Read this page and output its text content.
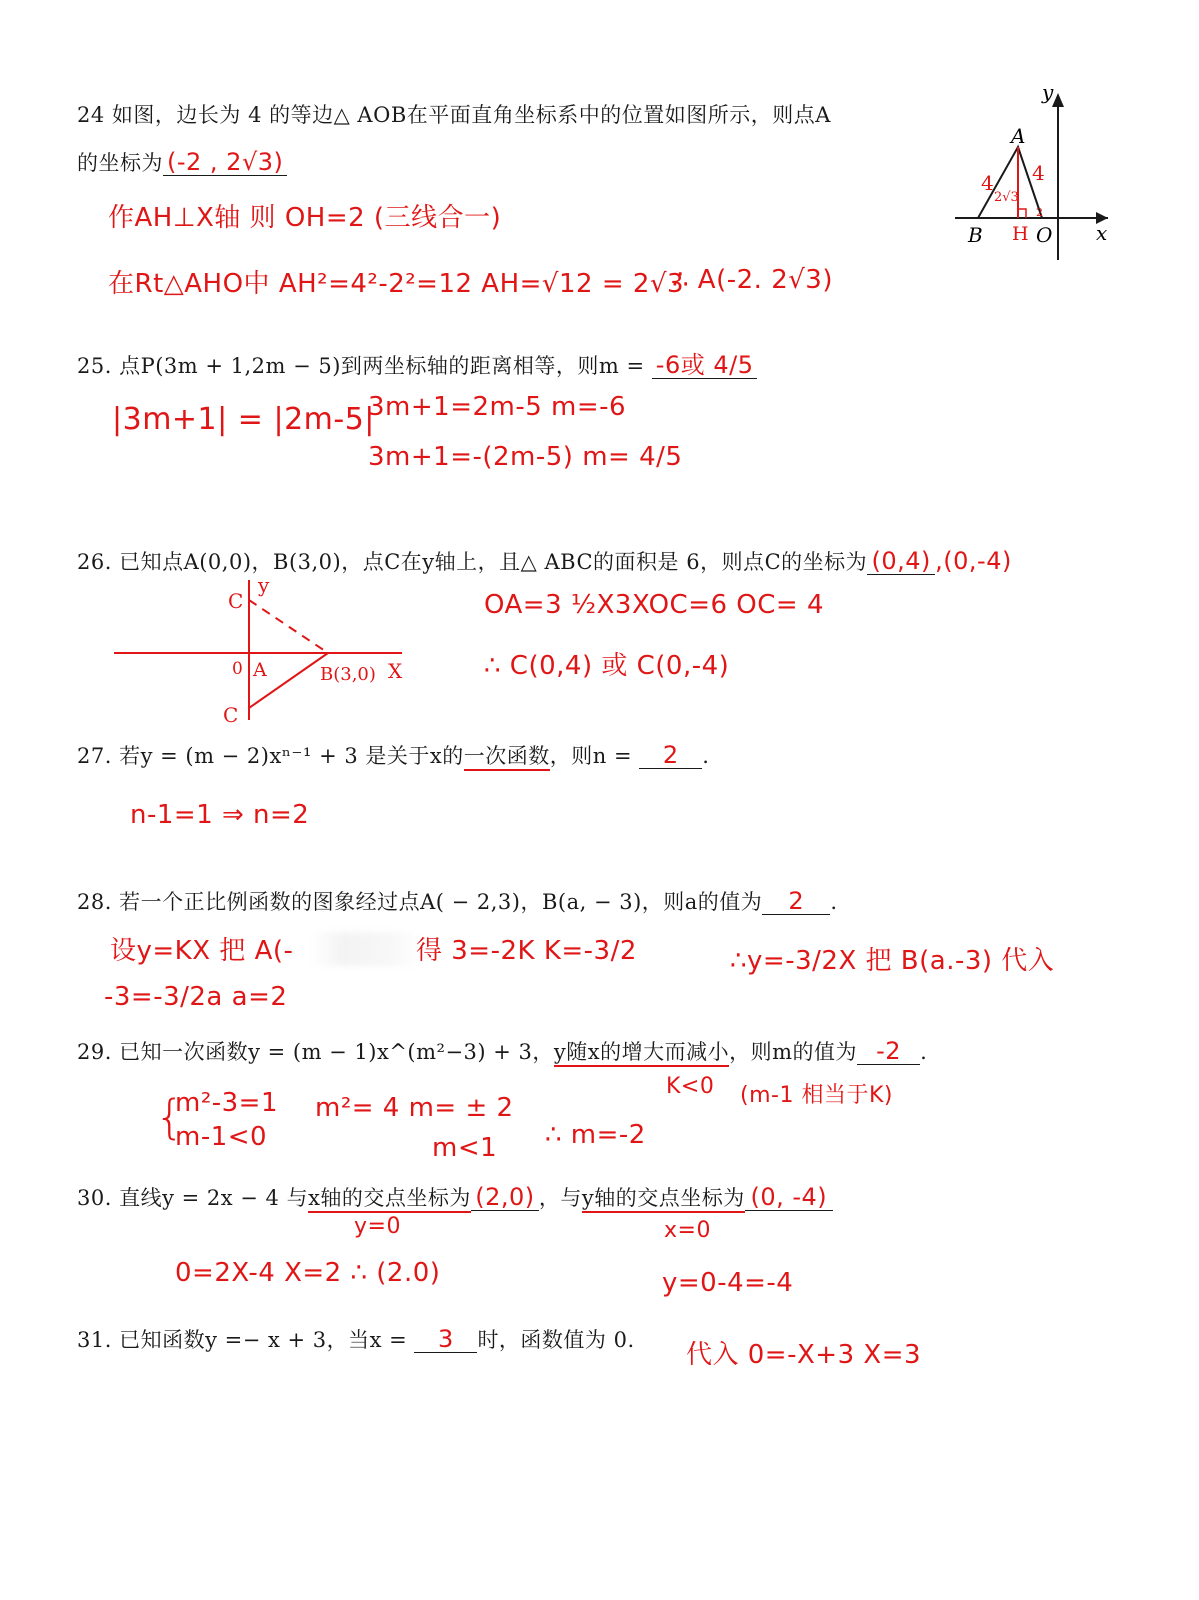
24 如图，边长为 4 的等边△ AOB在平面直角坐标系中的位置如图所示，则点A
的坐标为 (-2 , 2√3)
作AH⊥X轴 则 OH=2 (三线合一)
在Rt△AHO中 AH²=4²-2²=12 AH=√12 = 2√3
∴ A(-2. 2√3)
y
x
A
B	O
H
4 4
2√3
2
25. 点P(3m + 1,2m − 5)到两坐标轴的距离相等，则m = -6或 4/5
|3m+1| = |2m-5|
3m+1=2m-5 m=-6
3m+1=-(2m-5) m= 4/5
26. 已知点A(0,0)，B(3,0)，点C在y轴上，且△ ABC的面积是 6，则点C的坐标为 (0,4) ,(0,-4)
OA=3 ½X3XOC=6 OC= 4
∴ C(0,4) 或 C(0,-4)
C
y
0 A	B(3,0) X
C
27. 若y = (m − 2)xⁿ⁻¹ + 3 是关于x的一次函数，则n = 2 .
n-1=1 ⇒ n=2
28. 若一个正比例函数的图象经过点A( − 2,3)，B(a, − 3)，则a的值为 2 .
设y=KX 把 A(-	得 3=-2K K=-3/2	∴y=-3/2X 把 B(a.-3) 代入
-3=-3/2a a=2
29. 已知一次函数y = (m − 1)x^(m²−3) + 3，y随x的增大而减小，则m的值为 -2 .
K<0 (m-1 相当于K)
{
m²-3=1
m-1<0
m²= 4 m= ± 2
m<1 ∴ m=-2
30. 直线y = 2x − 4 与x轴的交点坐标为 (2,0) ，与y轴的交点坐标为 (0, -4)
y=0	x=0
0=2X-4 X=2 ∴ (2.0)	y=0-4=-4
31. 已知函数y =− x + 3，当x = 3 时，函数值为 0. 代入 0=-X+3 X=3
